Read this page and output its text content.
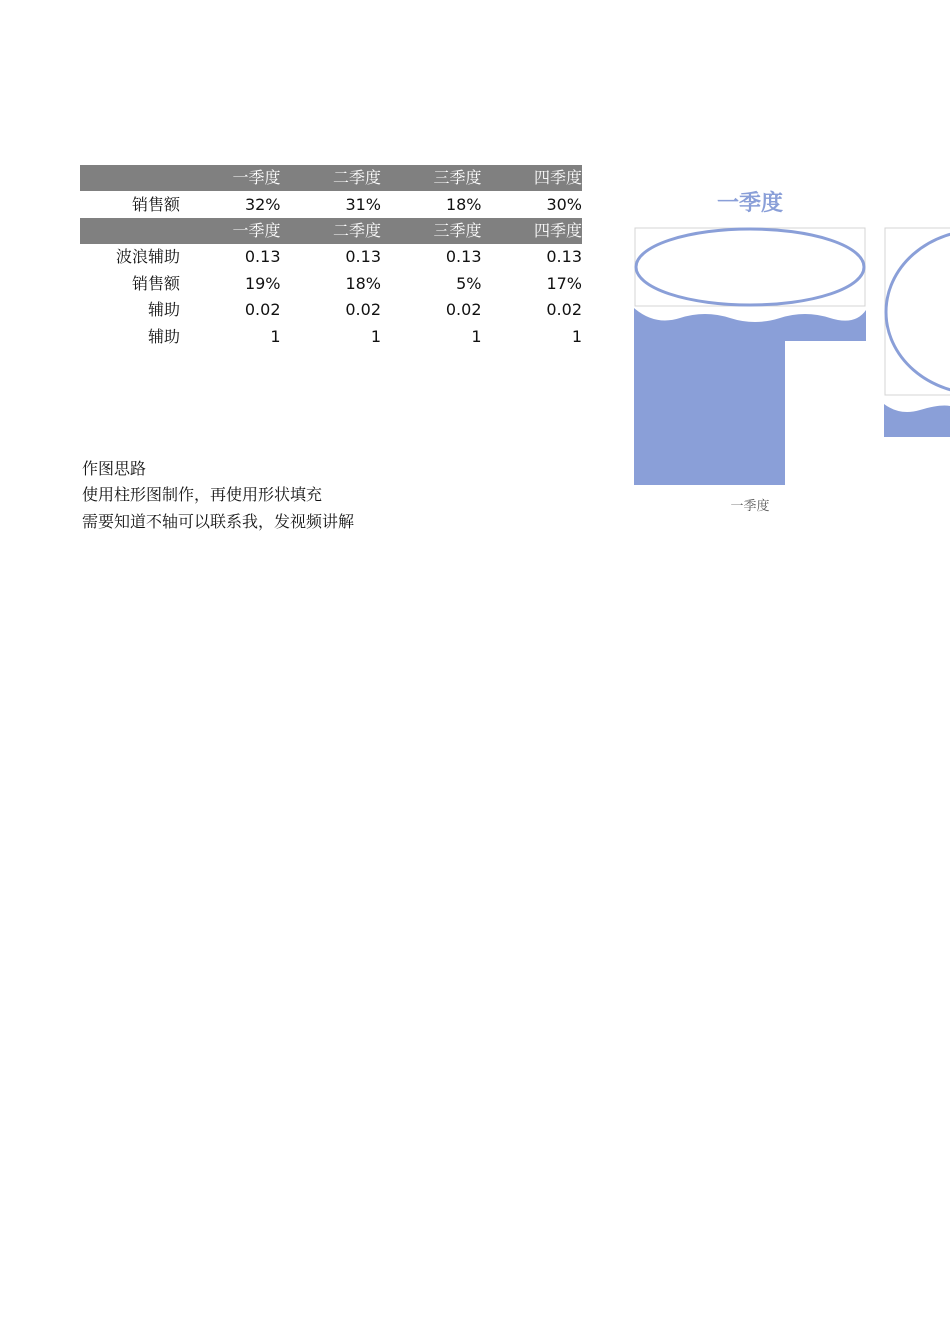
	一季度	二季度	三季度	四季度
销售额	32%	31%	18%	30%
	一季度	二季度	三季度	四季度
波浪辅助	0.13	0.13	0.13	0.13
销售额	19%	18%	5%	17%
辅助	0.02	0.02	0.02	0.02
辅助	1	1	1	1
作图思路
使用柱形图制作，再使用形状填充
需要知道不轴可以联系我，发视频讲解
一季度
一季度
